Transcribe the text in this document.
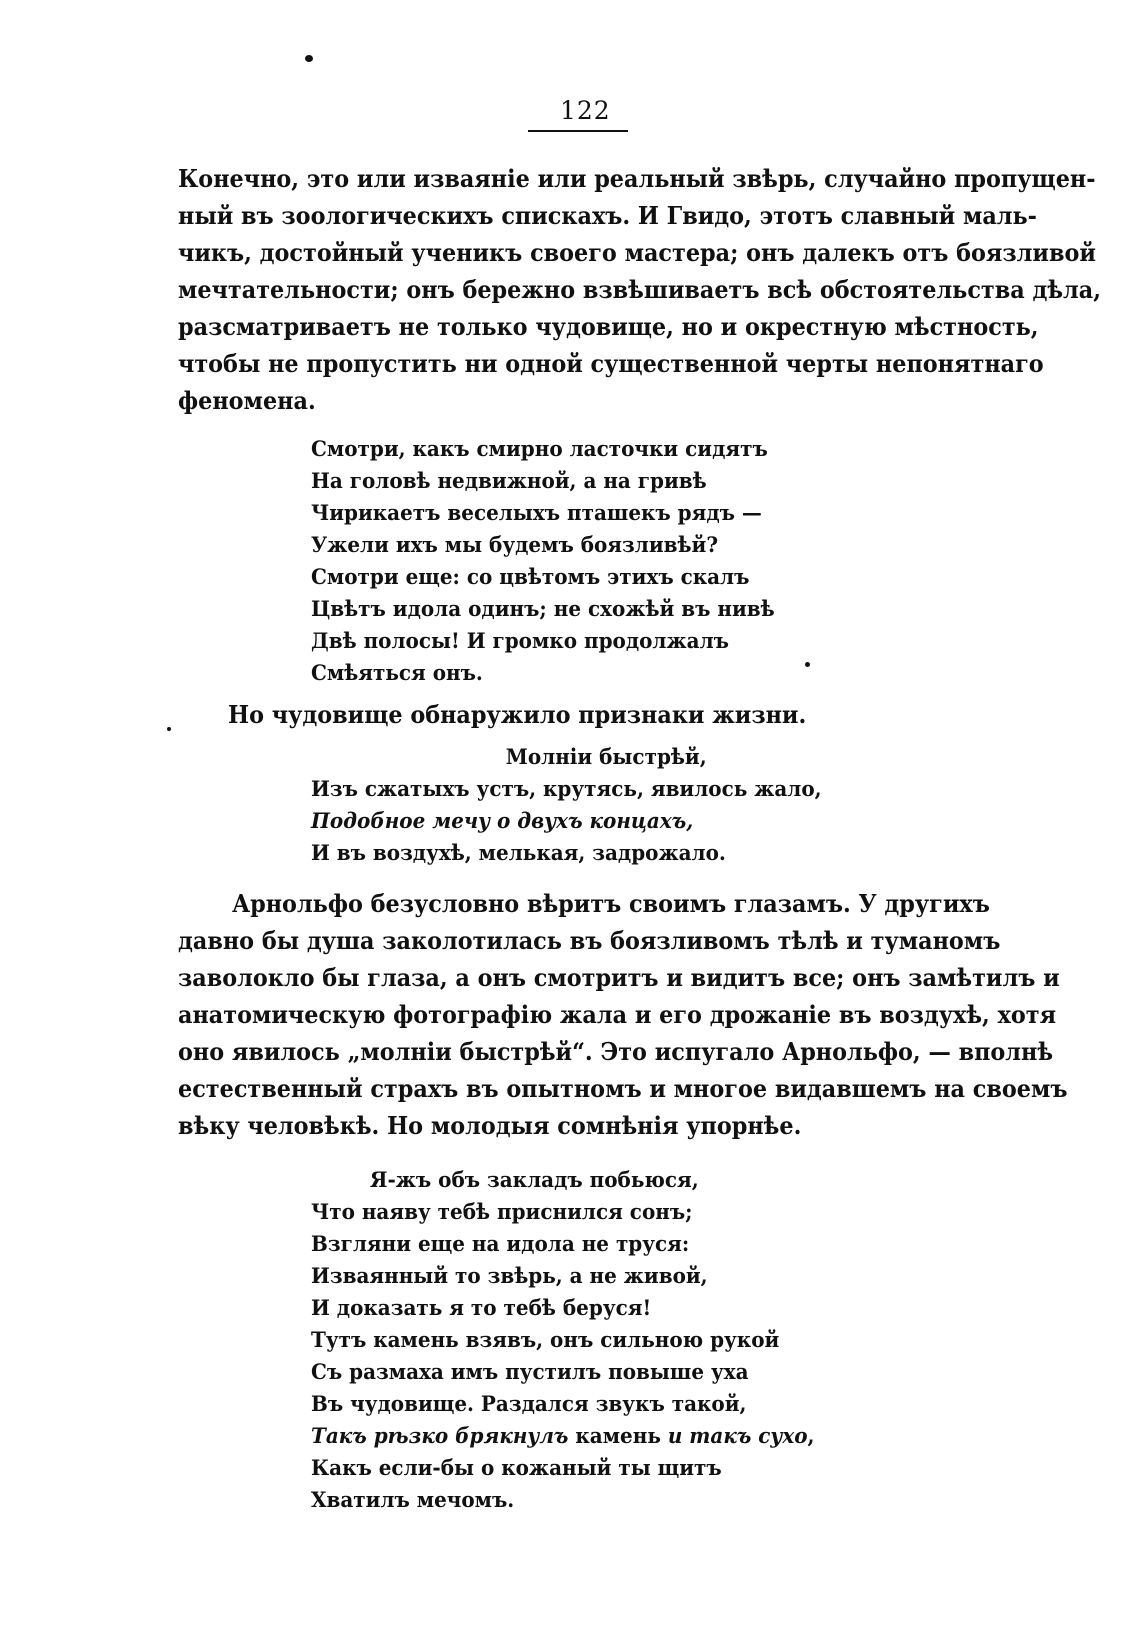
122
Конечно, это или изваяніе или реальный звѣрь, случайно пропущен-
ный въ зоологическихъ спискахъ. И Гвидо, этотъ славный маль-
чикъ, достойный ученикъ своего мастера; онъ далекъ отъ боязливой
мечтательности; онъ бережно взвѣшиваетъ всѣ обстоятельства дѣла,
разсматриваетъ не только чудовище, но и окрестную мѣстность,
чтобы не пропустить ни одной существенной черты непонятнаго
феномена.
Смотри, какъ смирно ласточки сидятъ
На головѣ недвижной, а на гривѣ
Чирикаетъ веселыхъ пташекъ рядъ —
Ужели ихъ мы будемъ боязливѣй?
Смотри еще: со цвѣтомъ этихъ скалъ
Цвѣтъ идола одинъ; не схожѣй въ нивѣ
Двѣ полосы! И громко продолжалъ
Смѣяться онъ.
Но чудовище обнаружило признаки жизни.
Молніи быстрѣй,
Изъ сжатыхъ устъ, крутясь, явилось жало,
Подобное мечу о двухъ концахъ,
И въ воздухѣ, мелькая, задрожало.
Арнольфо безусловно вѣритъ своимъ глазамъ. У другихъ
давно бы душа заколотилась въ боязливомъ тѣлѣ и туманомъ
заволокло бы глаза, а онъ смотритъ и видитъ все; онъ замѣтилъ и
анатомическую фотографію жала и его дрожаніе въ воздухѣ, хотя
оно явилось „молніи быстрѣй“. Это испугало Арнольфо, — вполнѣ
естественный страхъ въ опытномъ и многое видавшемъ на своемъ
вѣку человѣкѣ. Но молодыя сомнѣнія упорнѣе.
Я-жъ объ закладъ побьюся,
Что наяву тебѣ приснился сонъ;
Взгляни еще на идола не труся:
Изваянный то звѣрь, а не живой,
И доказать я то тебѣ беруся!
Тутъ камень взявъ, онъ сильною рукой
Съ размаха имъ пустилъ повыше уха
Въ чудовище. Раздался звукъ такой,
Такъ рѣзко брякнулъ камень и такъ сухо,
Какъ если-бы о кожаный ты щитъ
Хватилъ мечомъ.
